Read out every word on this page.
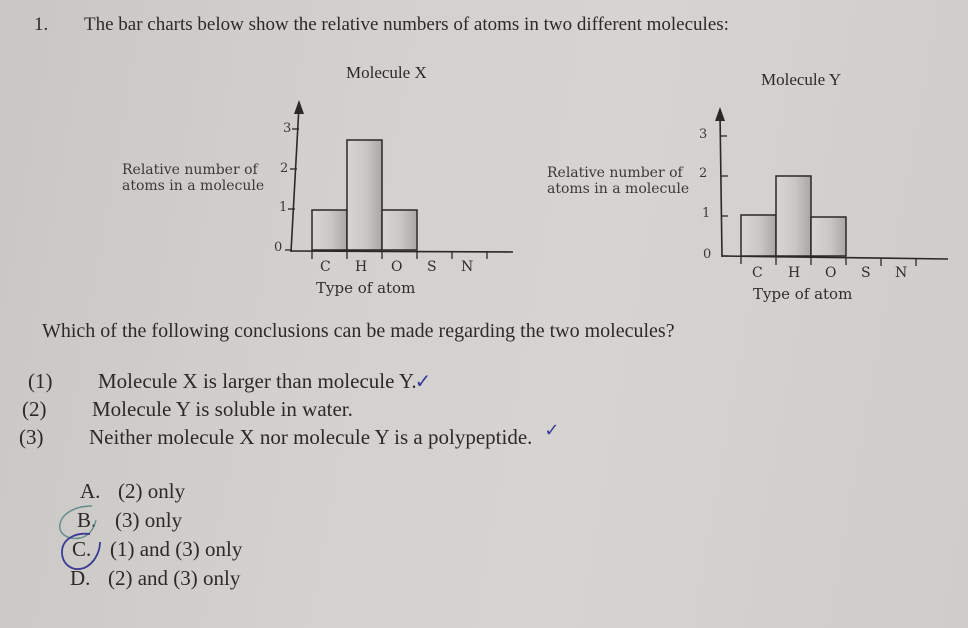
1. The bar charts below show the relative numbers of atoms in two different molecules:
Molecule X
Relative number of atoms in a molecule
3
2
1
0
C H O S N
Type of atom
Molecule Y
Relative number of atoms in a molecule
3
2
1
0
C H O S N
Type of atom
Which of the following conclusions can be made regarding the two molecules?
(1) Molecule X is larger than molecule Y.✓
(2) Molecule Y is soluble in water.
(3) Neither molecule X nor molecule Y is a polypeptide. ✓
A. (2) only
B. (3) only
C. (1) and (3) only
D. (2) and (3) only
